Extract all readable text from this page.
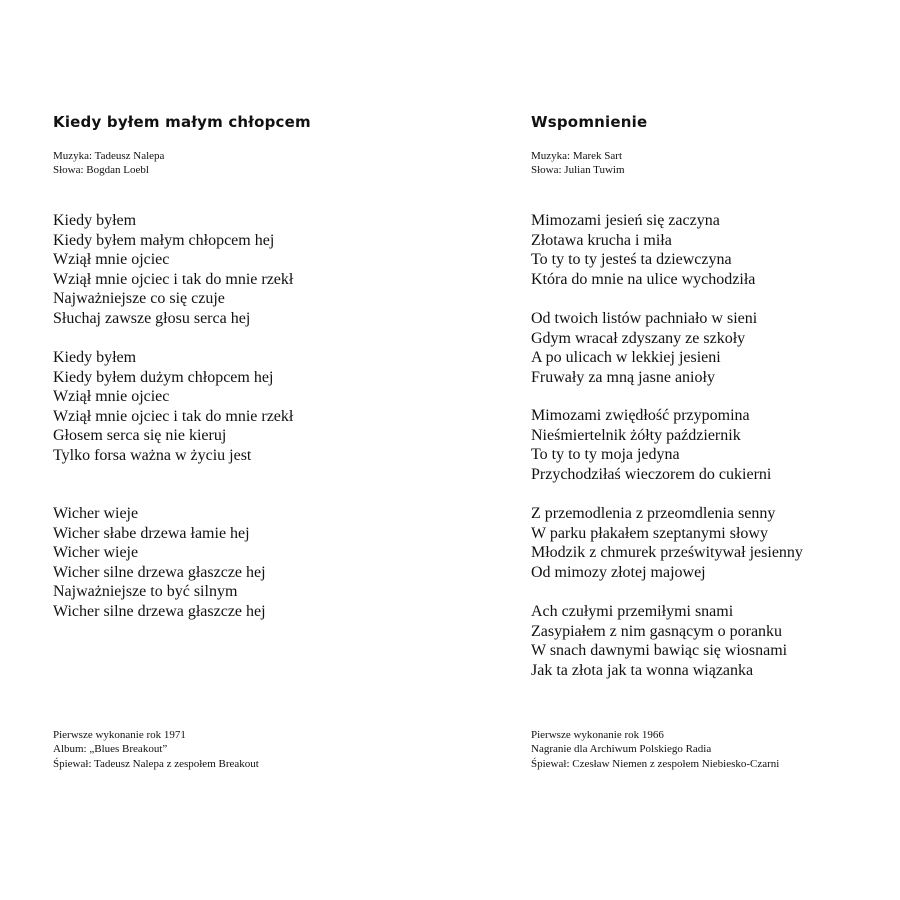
Kiedy byłem małym chłopcem
Muzyka: Tadeusz Nalepa
Słowa: Bogdan Loebl
Kiedy byłem
Kiedy byłem małym chłopcem hej
Wziął mnie ojciec
Wziął mnie ojciec i tak do mnie rzekł
Najważniejsze co się czuje
Słuchaj zawsze głosu serca hej
Kiedy byłem
Kiedy byłem dużym chłopcem hej
Wziął mnie ojciec
Wziął mnie ojciec i tak do mnie rzekł
Głosem serca się nie kieruj
Tylko forsa ważna w życiu jest
Wicher wieje
Wicher słabe drzewa łamie hej
Wicher wieje
Wicher silne drzewa głaszcze hej
Najważniejsze to być silnym
Wicher silne drzewa głaszcze hej
Pierwsze wykonanie rok 1971
Album: „Blues Breakout”
Śpiewał: Tadeusz Nalepa z zespołem Breakout
Wspomnienie
Muzyka: Marek Sart
Słowa: Julian Tuwim
Mimozami jesień się zaczyna
Złotawa krucha i miła
To ty to ty jesteś ta dziewczyna
Która do mnie na ulice wychodziła
Od twoich listów pachniało w sieni
Gdym wracał zdyszany ze szkoły
A po ulicach w lekkiej jesieni
Fruwały za mną jasne anioły
Mimozami zwiędłość przypomina
Nieśmiertelnik żółty październik
To ty to ty moja jedyna
Przychodziłaś wieczorem do cukierni
Z przemodlenia z przeomdlenia senny
W parku płakałem szeptanymi słowy
Młodzik z chmurek prześwitywał jesienny
Od mimozy złotej majowej
Ach czułymi przemiłymi snami
Zasypiałem z nim gasnącym o poranku
W snach dawnymi bawiąc się wiosnami
Jak ta złota jak ta wonna wiązanka
Pierwsze wykonanie rok 1966
Nagranie dla Archiwum Polskiego Radia
Śpiewał: Czesław Niemen z zespołem Niebiesko-Czarni
